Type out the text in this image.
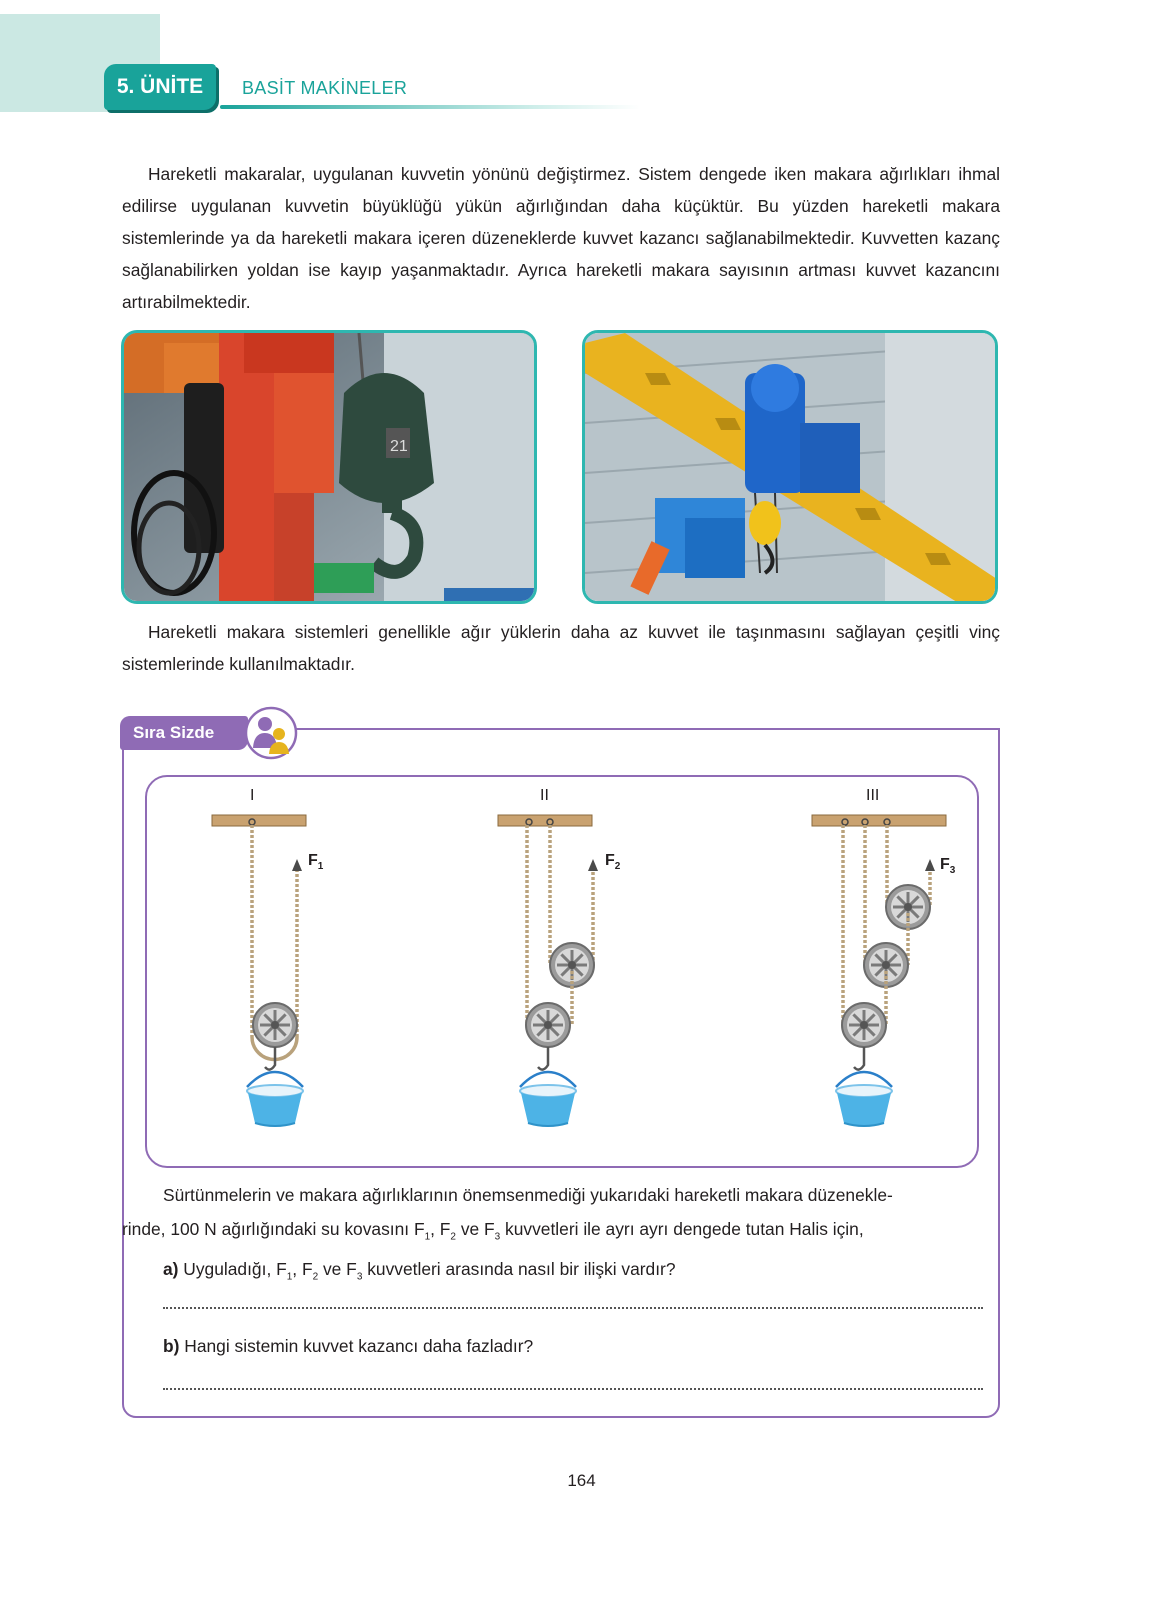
5. ÜNİTE	BASİT MAKİNELER

Hareketli makaralar, uygulanan kuvvetin yönünü değiştirmez. Sistem dengede iken makara ağırlıkları ihmal edilirse uygulanan kuvvetin büyüklüğü yükün ağırlığından daha küçüktür. Bu yüzden hareketli makara sistemlerinde ya da hareketli makara içeren düzeneklerde kuvvet kazancı sağlanabilmektedir. Kuvvetten kazanç sağlanabilirken yoldan ise kayıp yaşanmaktadır. Ayrıca hareketli makara sayısının artması kuvvet kazancını artırabilmektedir.

21

Hareketli makara sistemleri genellikle ağır yüklerin daha az kuvvet ile taşınmasını sağlayan çeşitli vinç sistemlerinde kullanılmaktadır.

Sıra Sizde
I	II	III
$F_1$	$F_2$	$F_3$

Sürtünmelerin ve makara ağırlıklarının önemsenmediği yukarıdaki hareketli makara düzenekle-

rinde, 100 N ağırlığındaki su kovasını $F_1$, $F_2$ ve $F_3$ kuvvetleri ile ayrı ayrı dengede tutan Halis için,

a) Uyguladığı, $F_1$, $F_2$ ve $F_3$ kuvvetleri arasında nasıl bir ilişki vardır?

b) Hangi sistemin kuvvet kazancı daha fazladır?

164
